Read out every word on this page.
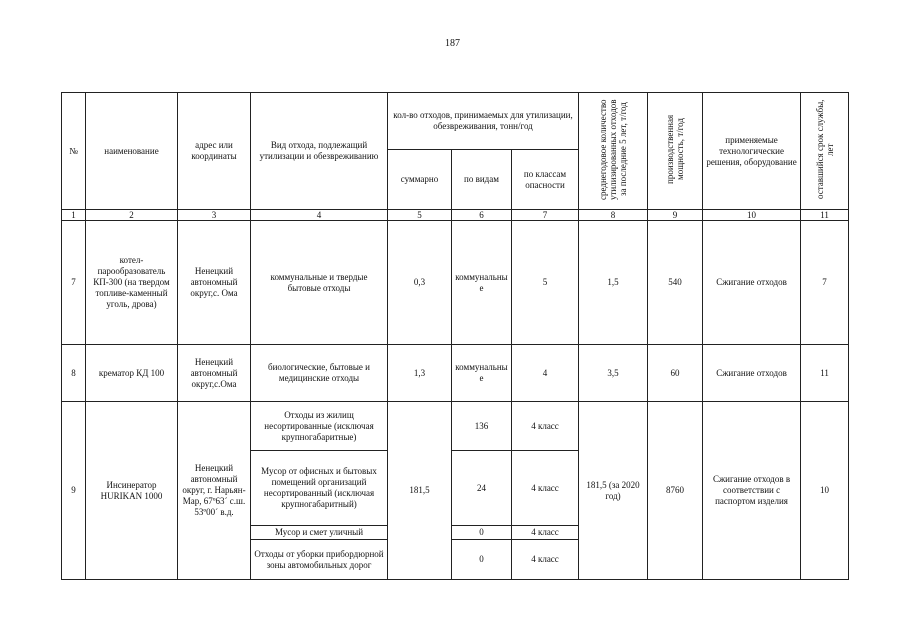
187
№	наименование	адрес или координаты	Вид отхода, подлежащий утилизации и обезвреживанию	кол-во отходов, принимаемых для утилизации, обезвреживания, тонн/год			среднегодовое количество утилизированных отходов за последние 5 лет, т/год	производственная мощность, т/год	применяемые технологические решения, оборудование	оставшийся срок службы, лет
				суммарно	по видам	по классам опасности				
1	2	3	4	5	6	7	8	9	10	11
7	котел-парообразователь КП-300 (на твердом топливе-каменный уголь, дрова)	Ненецкий автономный округ,с. Ома	коммунальные и твердые бытовые отходы	0,3	коммунальные	5	1,5	540	Сжигание отходов	7
8	крематор КД 100	Ненецкий автономный округ,с.Ома	биологические, бытовые и медицинские отходы	1,3	коммунальные	4	3,5	60	Сжигание отходов	11
9	Инсинератор HURIKAN 1000	Ненецкий автономный округ, г. Нарьян-Мар, 67º63´ с.ш. 53º00´ в.д.	Отходы из жилищ несортированные (исключая крупногабаритные)	181,5	136	4 класс	181,5 (за 2020 год)	8760	Сжигание отходов в соответствии с паспортом изделия	10
			Мусор от офисных и бытовых помещений организаций несортированный (исключая крупногабаритный)		24	4 класс				
			Мусор и смет уличный		0	4 класс				
			Отходы от уборки прибордюрной зоны автомобильных дорог		0	4 класс				
